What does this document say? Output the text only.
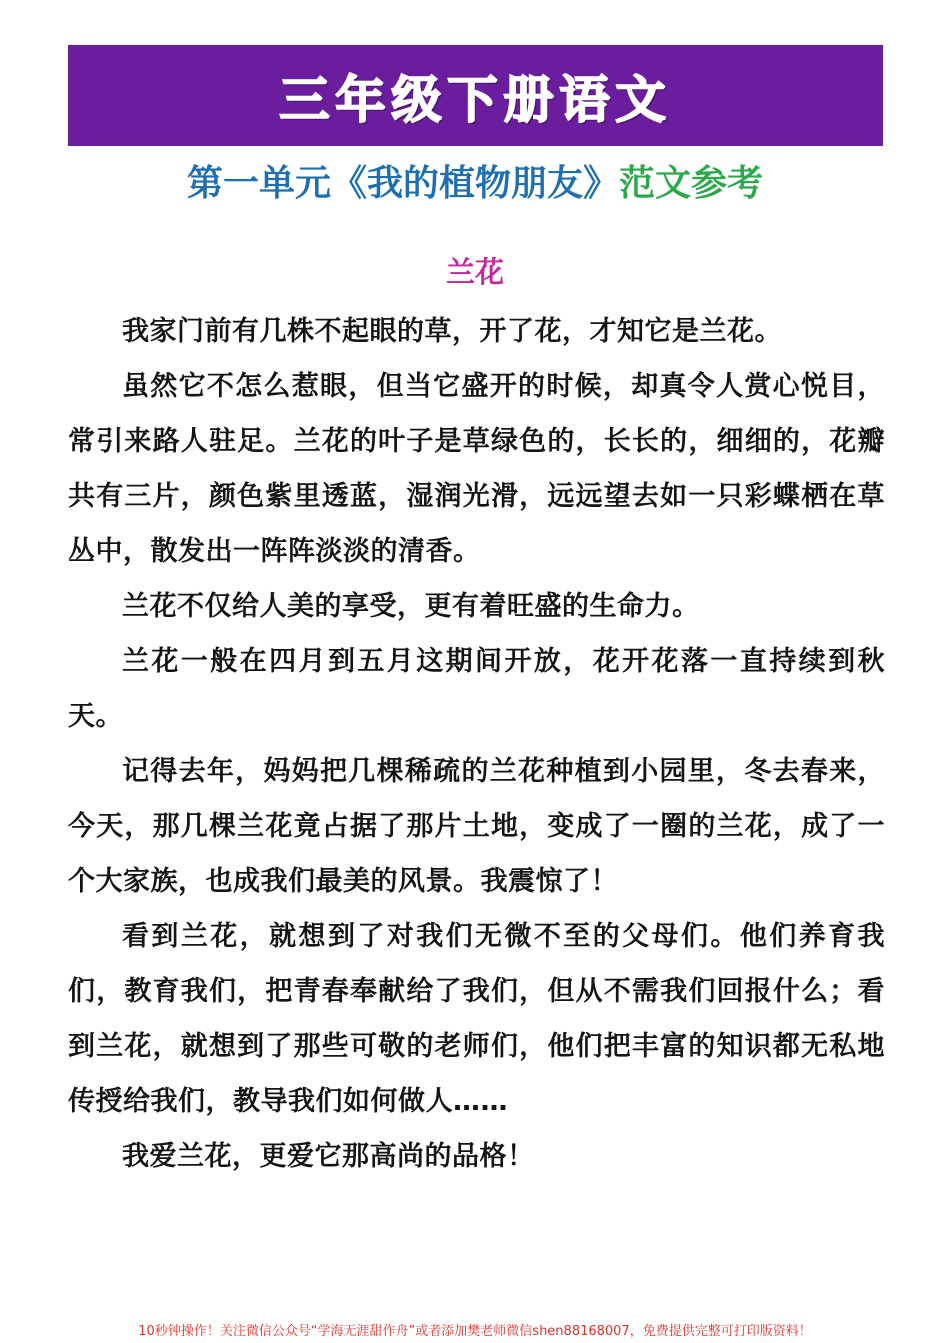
三年级下册语文
第一单元《我的植物朋友》范文参考
兰花

我家门前有几株不起眼的草，开了花，才知它是兰花。

虽然它不怎么惹眼，但当它盛开的时候，却真令人赏心悦目，常引来路人驻足。兰花的叶子是草绿色的，长长的，细细的，花瓣共有三片，颜色紫里透蓝，湿润光滑，远远望去如一只彩蝶栖在草丛中，散发出一阵阵淡淡的清香。

兰花不仅给人美的享受，更有着旺盛的生命力。

兰花一般在四月到五月这期间开放，花开花落一直持续到秋天。

记得去年，妈妈把几棵稀疏的兰花种植到小园里，冬去春来，今天，那几棵兰花竟占据了那片土地，变成了一圈的兰花，成了一个大家族，也成我们最美的风景。我震惊了！

看到兰花，就想到了对我们无微不至的父母们。他们养育我们，教育我们，把青春奉献给了我们，但从不需我们回报什么；看到兰花，就想到了那些可敬的老师们，他们把丰富的知识都无私地传授给我们，教导我们如何做人……

我爱兰花，更爱它那高尚的品格！

10秒钟操作！关注微信公众号“学海无涯甜作舟”或者添加樊老师微信shen88168007，免费提供完整可打印版资料！
